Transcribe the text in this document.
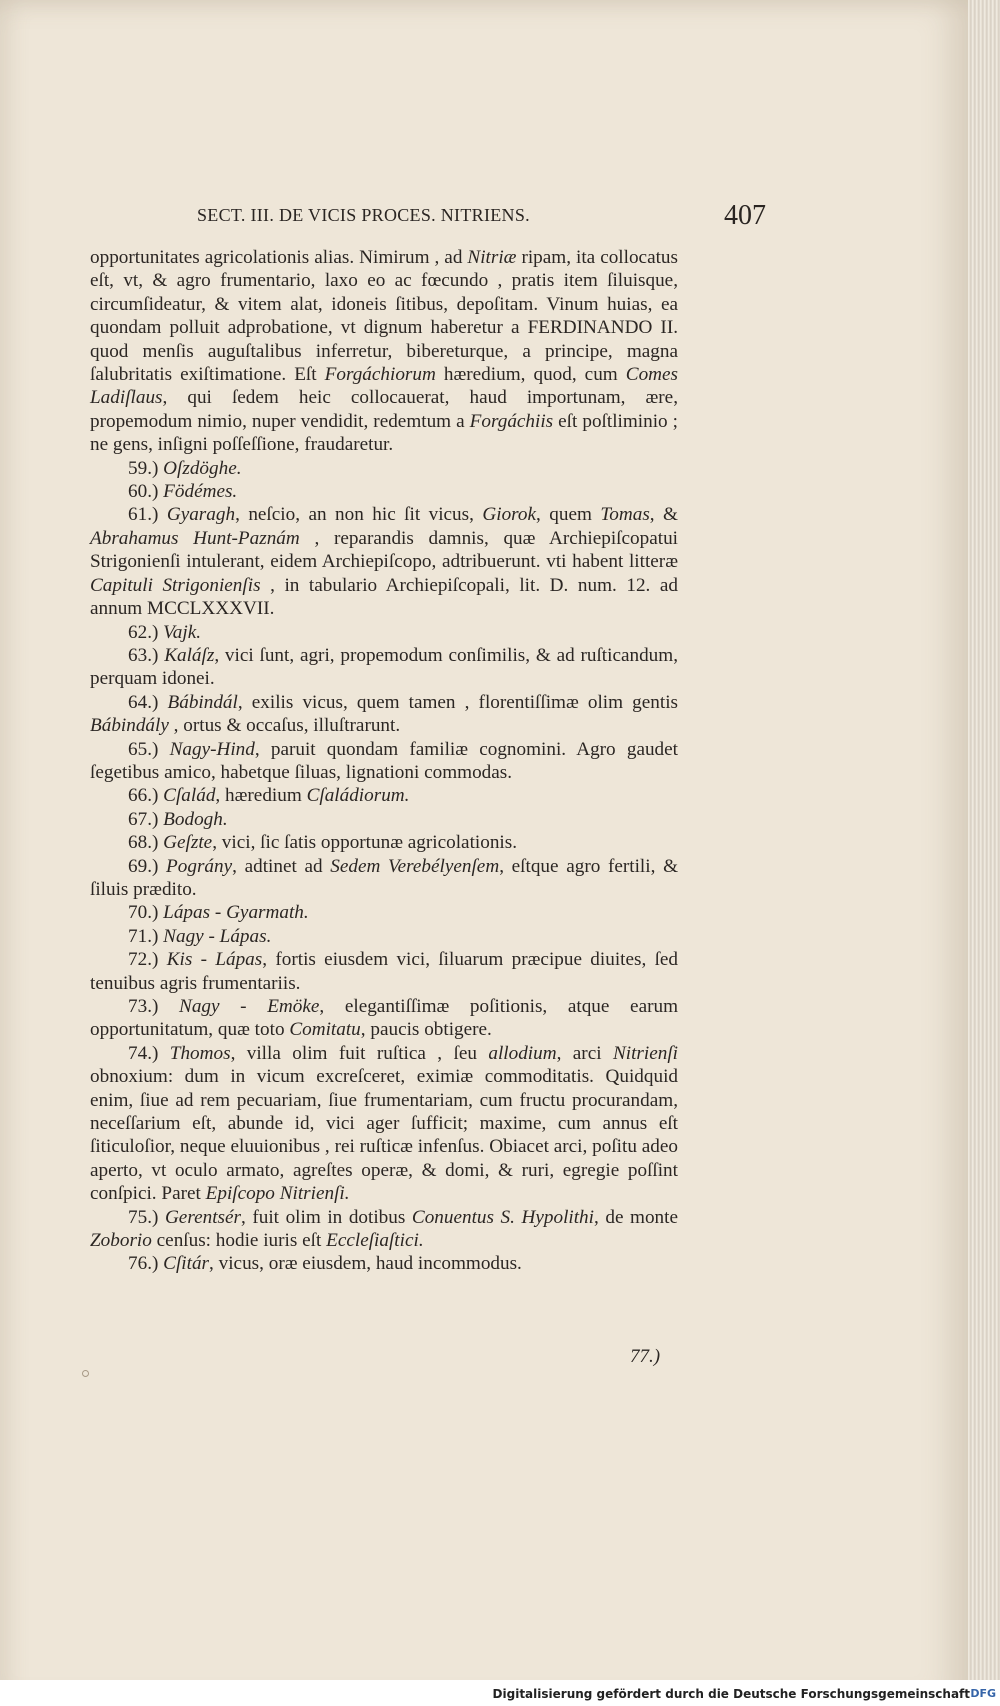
SECT. III. DE VICIS PROCES. NITRIENS.	407

opportunitates agricolationis alias. Nimirum , ad Nitriæ ripam, ita collocatus eſt, vt, & agro frumentario, laxo eo ac fœcundo , pratis item ſiluisque, circumſideatur, & vitem alat, idoneis ſitibus, depoſitam. Vinum huias, ea quondam polluit adprobatione, vt dignum haberetur a FERDINANDO II. quod menſis auguſtalibus inferretur, bibereturque, a principe, magna ſalubritatis exiſtimatione. Eſt Forgáchiorum hæredium, quod, cum Comes Ladiſlaus, qui ſedem heic collocauerat, haud importunam, ære, propemodum nimio, nuper vendidit, redemtum a Forgáchiis eſt poſtliminio ; ne gens, inſigni poſſeſſione, fraudaretur.

59.) Oſzdöghe.

60.) Födémes.

61.) Gyaragh, neſcio, an non hic ſit vicus, Giorok, quem Tomas, & Abrahamus Hunt-Paznám , reparandis damnis, quæ Archiepiſcopatui Strigonienſi intulerant, eidem Archiepiſcopo, adtribuerunt. vti habent litteræ Capituli Strigonienſis , in tabulario Archiepiſcopali, lit. D. num. 12. ad annum MCCLXXXVII.

62.) Vajk.

63.) Kaláſz, vici ſunt, agri, propemodum conſimilis, & ad ruſticandum, perquam idonei.

64.) Bábindál, exilis vicus, quem tamen , florentiſſimæ olim gentis Bábindály , ortus & occaſus, illuſtrarunt.

65.) Nagy-Hind, paruit quondam familiæ cognomini. Agro gaudet ſegetibus amico, habetque ſiluas, lignationi commodas.

66.) Cſalád, hæredium Cſaládiorum.

67.) Bodogh.

68.) Geſzte, vici, ſic ſatis opportunæ agricolationis.

69.) Pográny, adtinet ad Sedem Verebélyenſem, eſtque agro fertili, & ſiluis prædito.

70.) Lápas - Gyarmath.

71.) Nagy - Lápas.

72.) Kis - Lápas, fortis eiusdem vici, ſiluarum præcipue diuites, ſed tenuibus agris frumentariis.

73.) Nagy - Emöke, elegantiſſimæ poſitionis, atque earum opportunitatum, quæ toto Comitatu, paucis obtigere.

74.) Thomos, villa olim fuit ruſtica , ſeu allodium, arci Nitrienſi obnoxium: dum in vicum excreſceret, eximiæ commoditatis. Quidquid enim, ſiue ad rem pecuariam, ſiue frumentariam, cum fructu procurandam, neceſſarium eſt, abunde id, vici ager ſufficit; maxime, cum annus eſt ſiticuloſior, neque eluuionibus , rei ruſticæ infenſus. Obiacet arci, poſitu adeo aperto, vt oculo armato, agreſtes operæ, & domi, & ruri, egregie poſſint conſpici. Paret Epiſcopo Nitrienſi.

75.) Gerentsér, fuit olim in dotibus Conuentus S. Hypolithi, de monte Zoborio cenſus: hodie iuris eſt Eccleſiaſtici.

76.) Cſitár, vicus, oræ eiusdem, haud incommodus.

77.)
Digitalisierung gefördert durch die Deutsche Forschungsgemeinschaft DFG
